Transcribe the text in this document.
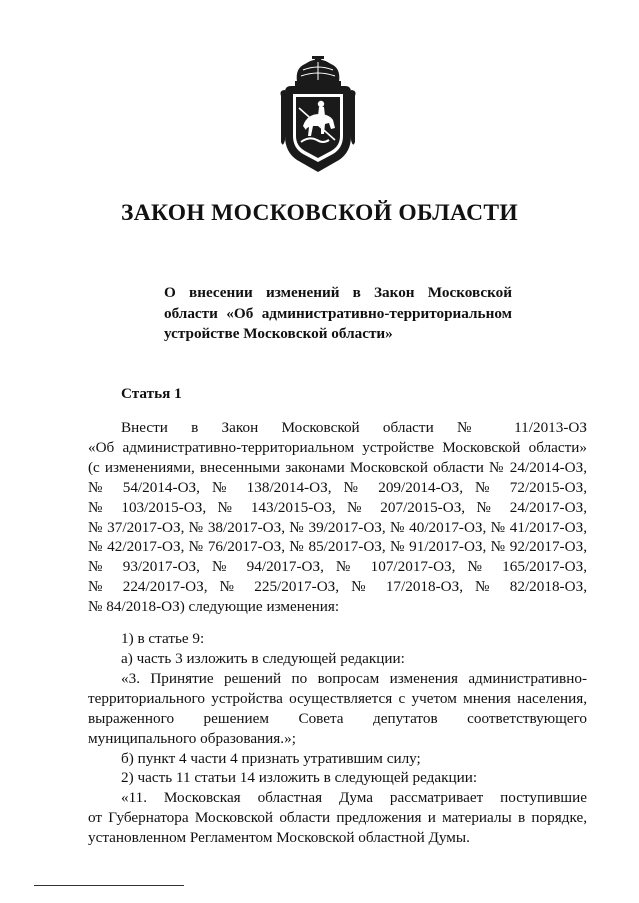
ЗАКОН МОСКОВСКОЙ ОБЛАСТИ
О внесении изменений в Закон Московской
области «Об административно-территориальном
устройстве Московской области»
Статья 1
Внести в Закон Московской области № 11/2013-ОЗ
«Об административно-территориальном устройстве Московской области»
(с изменениями, внесенными законами Московской области № 24/2014-ОЗ,
№ 54/2014-ОЗ, № 138/2014-ОЗ, № 209/2014-ОЗ, № 72/2015-ОЗ,
№ 103/2015-ОЗ, № 143/2015-ОЗ, № 207/2015-ОЗ, № 24/2017-ОЗ,
№ 37/2017-ОЗ, № 38/2017-ОЗ, № 39/2017-ОЗ, № 40/2017-ОЗ, № 41/2017-ОЗ,
№ 42/2017-ОЗ, № 76/2017-ОЗ, № 85/2017-ОЗ, № 91/2017-ОЗ, № 92/2017-ОЗ,
№ 93/2017-ОЗ, № 94/2017-ОЗ, № 107/2017-ОЗ, № 165/2017-ОЗ,
№ 224/2017-ОЗ, № 225/2017-ОЗ, № 17/2018-ОЗ, № 82/2018-ОЗ,
№ 84/2018-ОЗ) следующие изменения:
1) в статье 9:
а) часть 3 изложить в следующей редакции:
«3. Принятие решений по вопросам изменения административно-
территориального устройства осуществляется с учетом мнения населения,
выраженного решением Совета депутатов соответствующего
муниципального образования.»;
б) пункт 4 части 4 признать утратившим силу;
2) часть 11 статьи 14 изложить в следующей редакции:
«11. Московская областная Дума рассматривает поступившие
от Губернатора Московской области предложения и материалы в порядке,
установленном Регламентом Московской областной Думы.
